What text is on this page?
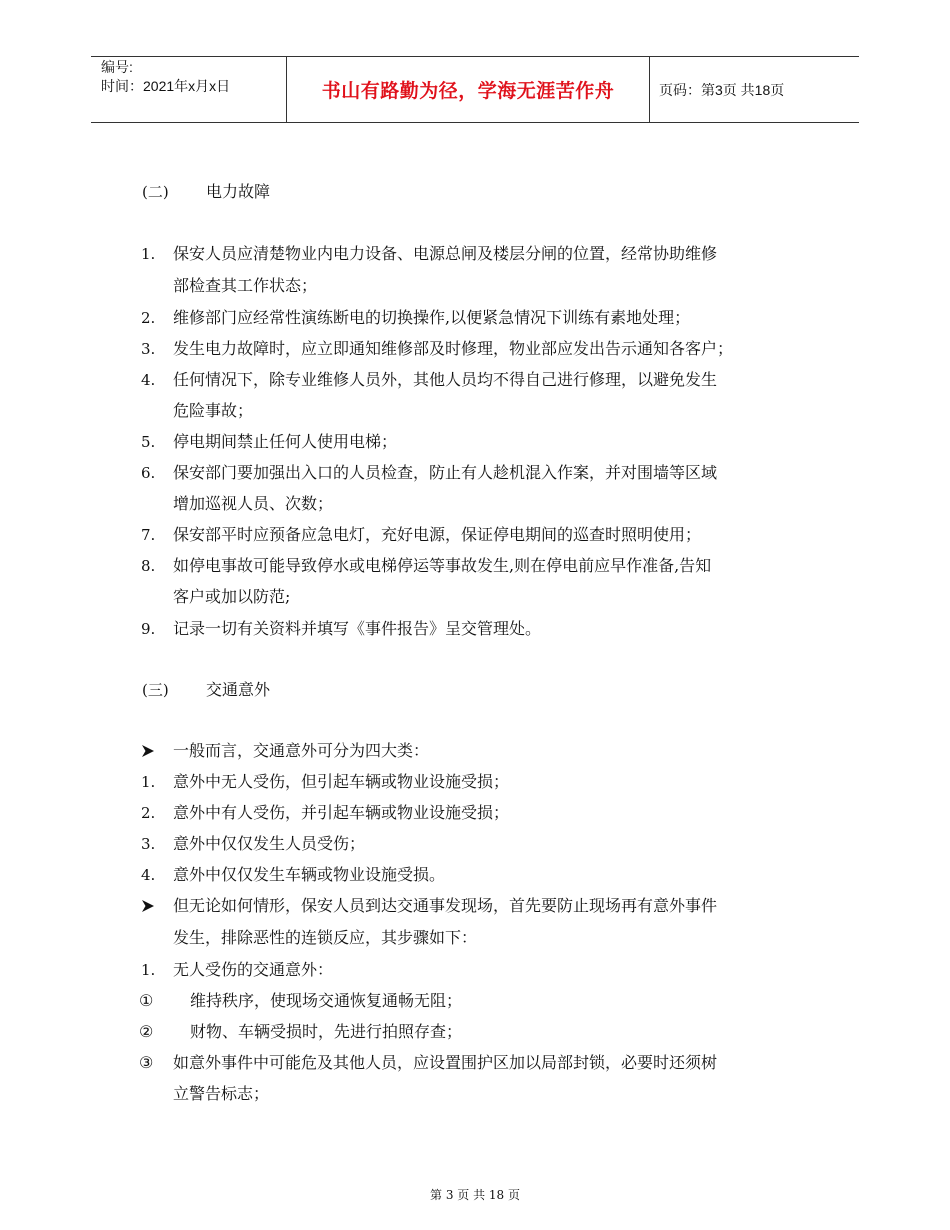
编号:
时间：2021年x月x日	书山有路勤为径，学海无涯苦作舟	页码：第3页 共18页
(二) 电力故障
1. 保安人员应清楚物业内电力设备、电源总闸及楼层分闸的位置，经常协助维修
部检查其工作状态；
2. 维修部门应经常性演练断电的切换操作,以便紧急情况下训练有素地处理；
3. 发生电力故障时，应立即通知维修部及时修理，物业部应发出告示通知各客户；
4. 任何情况下，除专业维修人员外，其他人员均不得自己进行修理，以避免发生
危险事故；
5. 停电期间禁止任何人使用电梯；
6. 保安部门要加强出入口的人员检查，防止有人趁机混入作案，并对围墙等区域
增加巡视人员、次数；
7. 保安部平时应预备应急电灯，充好电源，保证停电期间的巡查时照明使用；
8. 如停电事故可能导致停水或电梯停运等事故发生,则在停电前应早作准备,告知
客户或加以防范;
9. 记录一切有关资料并填写《事件报告》呈交管理处。
(三) 交通意外
一般而言，交通意外可分为四大类：
1. 意外中无人受伤，但引起车辆或物业设施受损；
2. 意外中有人受伤，并引起车辆或物业设施受损；
3. 意外中仅仅发生人员受伤；
4. 意外中仅仅发生车辆或物业设施受损。
但无论如何情形，保安人员到达交通事发现场，首先要防止现场再有意外事件
发生，排除恶性的连锁反应，其步骤如下：
1. 无人受伤的交通意外：
① 维持秩序，使现场交通恢复通畅无阻；
② 财物、车辆受损时，先进行拍照存查；
③ 如意外事件中可能危及其他人员，应设置围护区加以局部封锁，必要时还须树
立警告标志；
第 3 页 共 18 页
